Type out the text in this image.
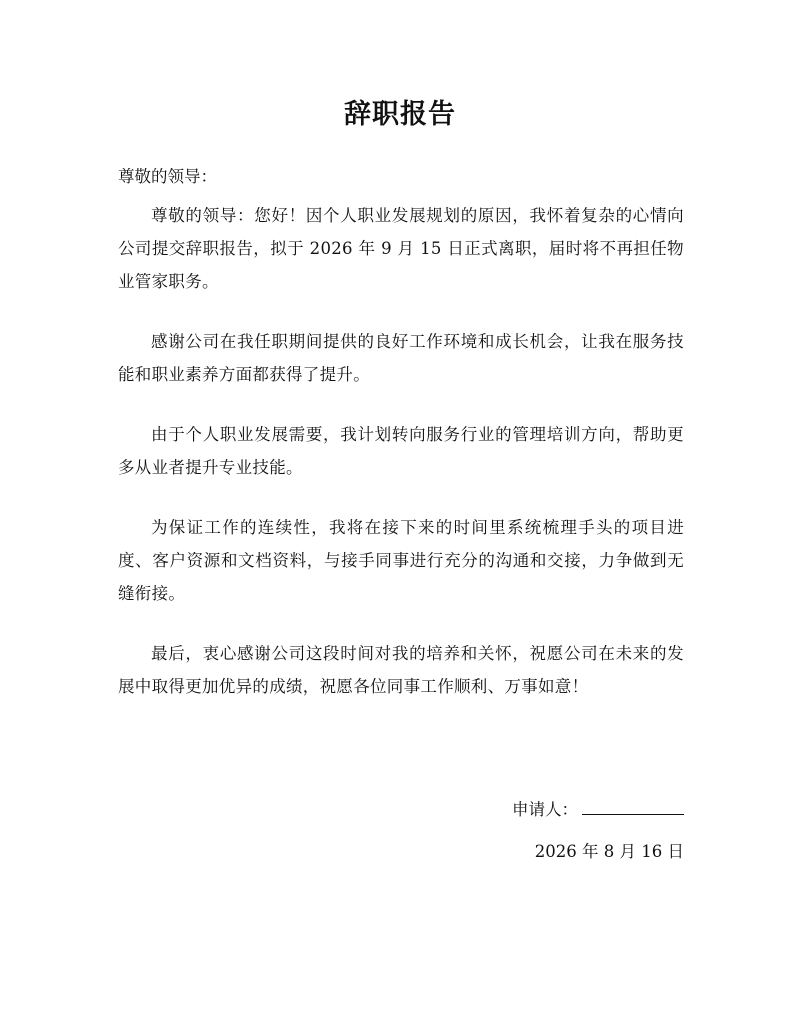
辞职报告
尊敬的领导：

尊敬的领导：您好！因个人职业发展规划的原因，我怀着复杂的心情向公司提交辞职报告，拟于 2026 年 9 月 15 日正式离职，届时将不再担任物业管家职务。

感谢公司在我任职期间提供的良好工作环境和成长机会，让我在服务技能和职业素养方面都获得了提升。

由于个人职业发展需要，我计划转向服务行业的管理培训方向，帮助更多从业者提升专业技能。

为保证工作的连续性，我将在接下来的时间里系统梳理手头的项目进度、客户资源和文档资料，与接手同事进行充分的沟通和交接，力争做到无缝衔接。

最后，衷心感谢公司这段时间对我的培养和关怀，祝愿公司在未来的发展中取得更加优异的成绩，祝愿各位同事工作顺利、万事如意！

申请人：
2026 年 8 月 16 日
